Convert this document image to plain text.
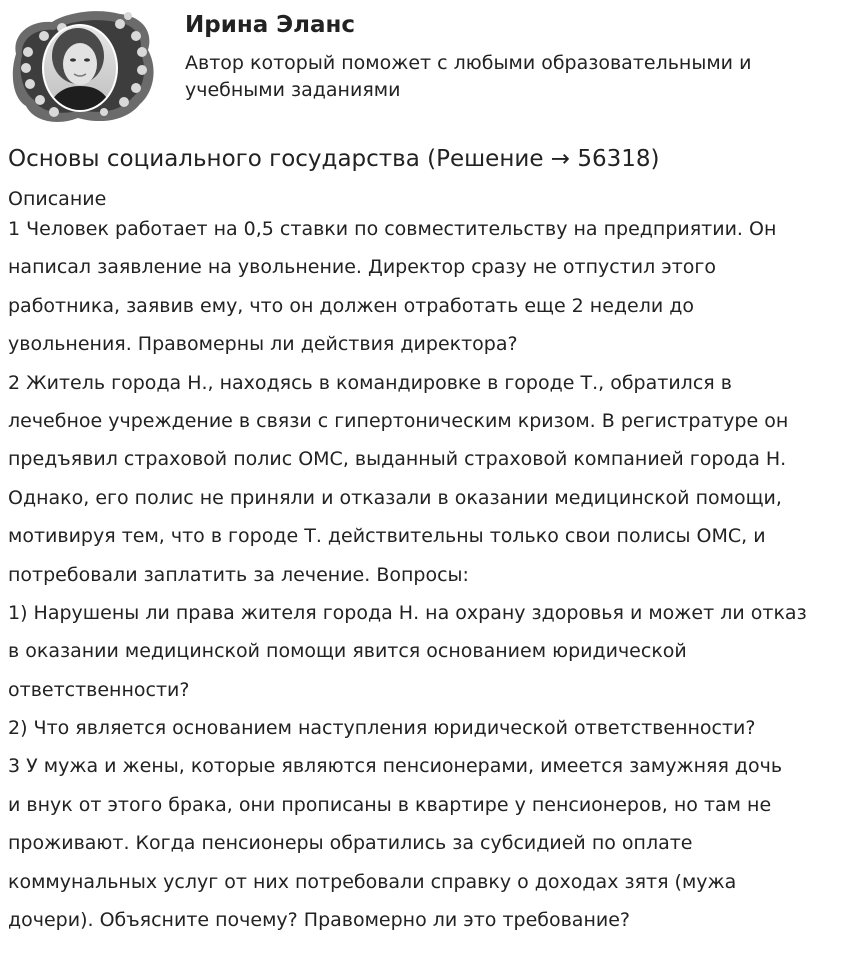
Ирина Эланс
Автор который поможет с любыми образовательными и
учебными заданиями
Основы социального государства (Решение → 56318)
Описание
1 Человек работает на 0,5 ставки по совместительству на предприятии. Он
написал заявление на увольнение. Директор сразу не отпустил этого
работника, заявив ему, что он должен отработать еще 2 недели до
увольнения. Правомерны ли действия директора?
2 Житель города Н., находясь в командировке в городе Т., обратился в
лечебное учреждение в связи с гипертоническим кризом. В регистратуре он
предъявил страховой полис ОМС, выданный страховой компанией города Н.
Однако, его полис не приняли и отказали в оказании медицинской помощи,
мотивируя тем, что в городе Т. действительны только свои полисы ОМС, и
потребовали заплатить за лечение. Вопросы:
1) Нарушены ли права жителя города Н. на охрану здоровья и может ли отказ
в оказании медицинской помощи явится основанием юридической
ответственности?
2) Что является основанием наступления юридической ответственности?
3 У мужа и жены, которые являются пенсионерами, имеется замужняя дочь
и внук от этого брака, они прописаны в квартире у пенсионеров, но там не
проживают. Когда пенсионеры обратились за субсидией по оплате
коммунальных услуг от них потребовали справку о доходах зятя (мужа
дочери). Объясните почему? Правомерно ли это требование?
